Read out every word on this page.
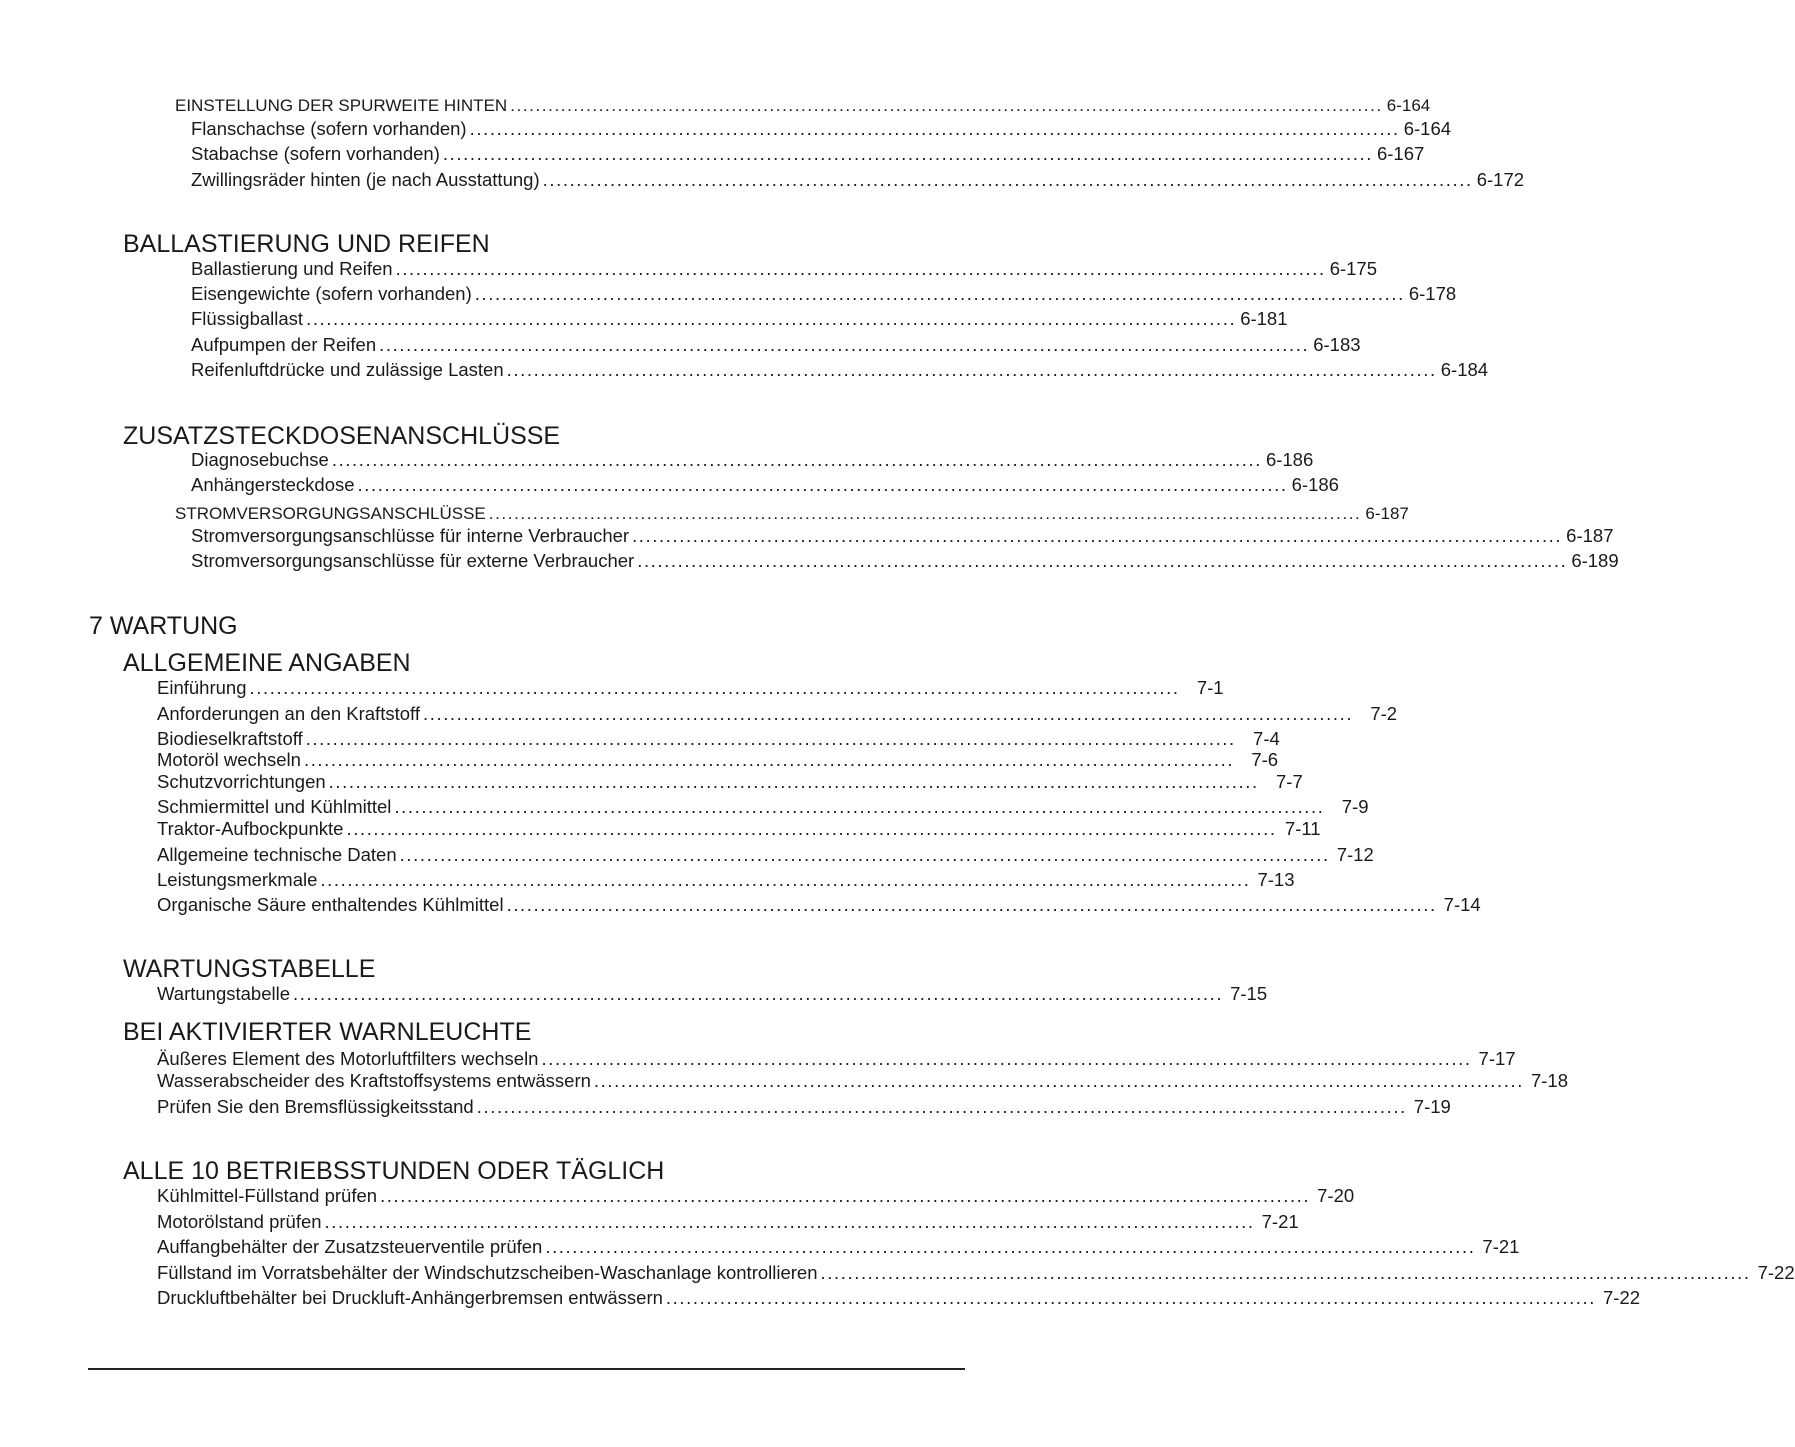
EINSTELLUNG DER SPURWEITE HINTEN .......................................................................................................................................... 6-164
Flanschachse (sofern vorhanden) .......................................................................................................................................... 6-164
Stabachse (sofern vorhanden) .......................................................................................................................................... 6-167
Zwillingsräder hinten (je nach Ausstattung) .......................................................................................................................................... 6-172
BALLASTIERUNG UND REIFEN
Ballastierung und Reifen .......................................................................................................................................... 6-175
Eisengewichte (sofern vorhanden) .......................................................................................................................................... 6-178
Flüssigballast .......................................................................................................................................... 6-181
Aufpumpen der Reifen .......................................................................................................................................... 6-183
Reifenluftdrücke und zulässige Lasten .......................................................................................................................................... 6-184
ZUSATZSTECKDOSENANSCHLÜSSE
Diagnosebuchse .......................................................................................................................................... 6-186
Anhängersteckdose .......................................................................................................................................... 6-186
STROMVERSORGUNGSANSCHLÜSSE .......................................................................................................................................... 6-187
Stromversorgungsanschlüsse für interne Verbraucher .......................................................................................................................................... 6-187
Stromversorgungsanschlüsse für externe Verbraucher .......................................................................................................................................... 6-189
7 WARTUNG
ALLGEMEINE ANGABEN
Einführung .......................................................................................................................................... 7-1
Anforderungen an den Kraftstoff .......................................................................................................................................... 7-2
Biodieselkraftstoff .......................................................................................................................................... 7-4
Motoröl wechseln .......................................................................................................................................... 7-6
Schutzvorrichtungen .......................................................................................................................................... 7-7
Schmiermittel und Kühlmittel .......................................................................................................................................... 7-9
Traktor-Aufbockpunkte .......................................................................................................................................... 7-11
Allgemeine technische Daten .......................................................................................................................................... 7-12
Leistungsmerkmale .......................................................................................................................................... 7-13
Organische Säure enthaltendes Kühlmittel .......................................................................................................................................... 7-14
WARTUNGSTABELLE
Wartungstabelle .......................................................................................................................................... 7-15
BEI AKTIVIERTER WARNLEUCHTE
Äußeres Element des Motorluftfilters wechseln .......................................................................................................................................... 7-17
Wasserabscheider des Kraftstoffsystems entwässern .......................................................................................................................................... 7-18
Prüfen Sie den Bremsflüssigkeitsstand .......................................................................................................................................... 7-19
ALLE 10 BETRIEBSSTUNDEN ODER TÄGLICH
Kühlmittel-Füllstand prüfen .......................................................................................................................................... 7-20
Motorölstand prüfen .......................................................................................................................................... 7-21
Auffangbehälter der Zusatzsteuerventile prüfen .......................................................................................................................................... 7-21
Füllstand im Vorratsbehälter der Windschutzscheiben-Waschanlage kontrollieren .......................................................................................................................................... 7-22
Druckluftbehälter bei Druckluft-Anhängerbremsen entwässern .......................................................................................................................................... 7-22
